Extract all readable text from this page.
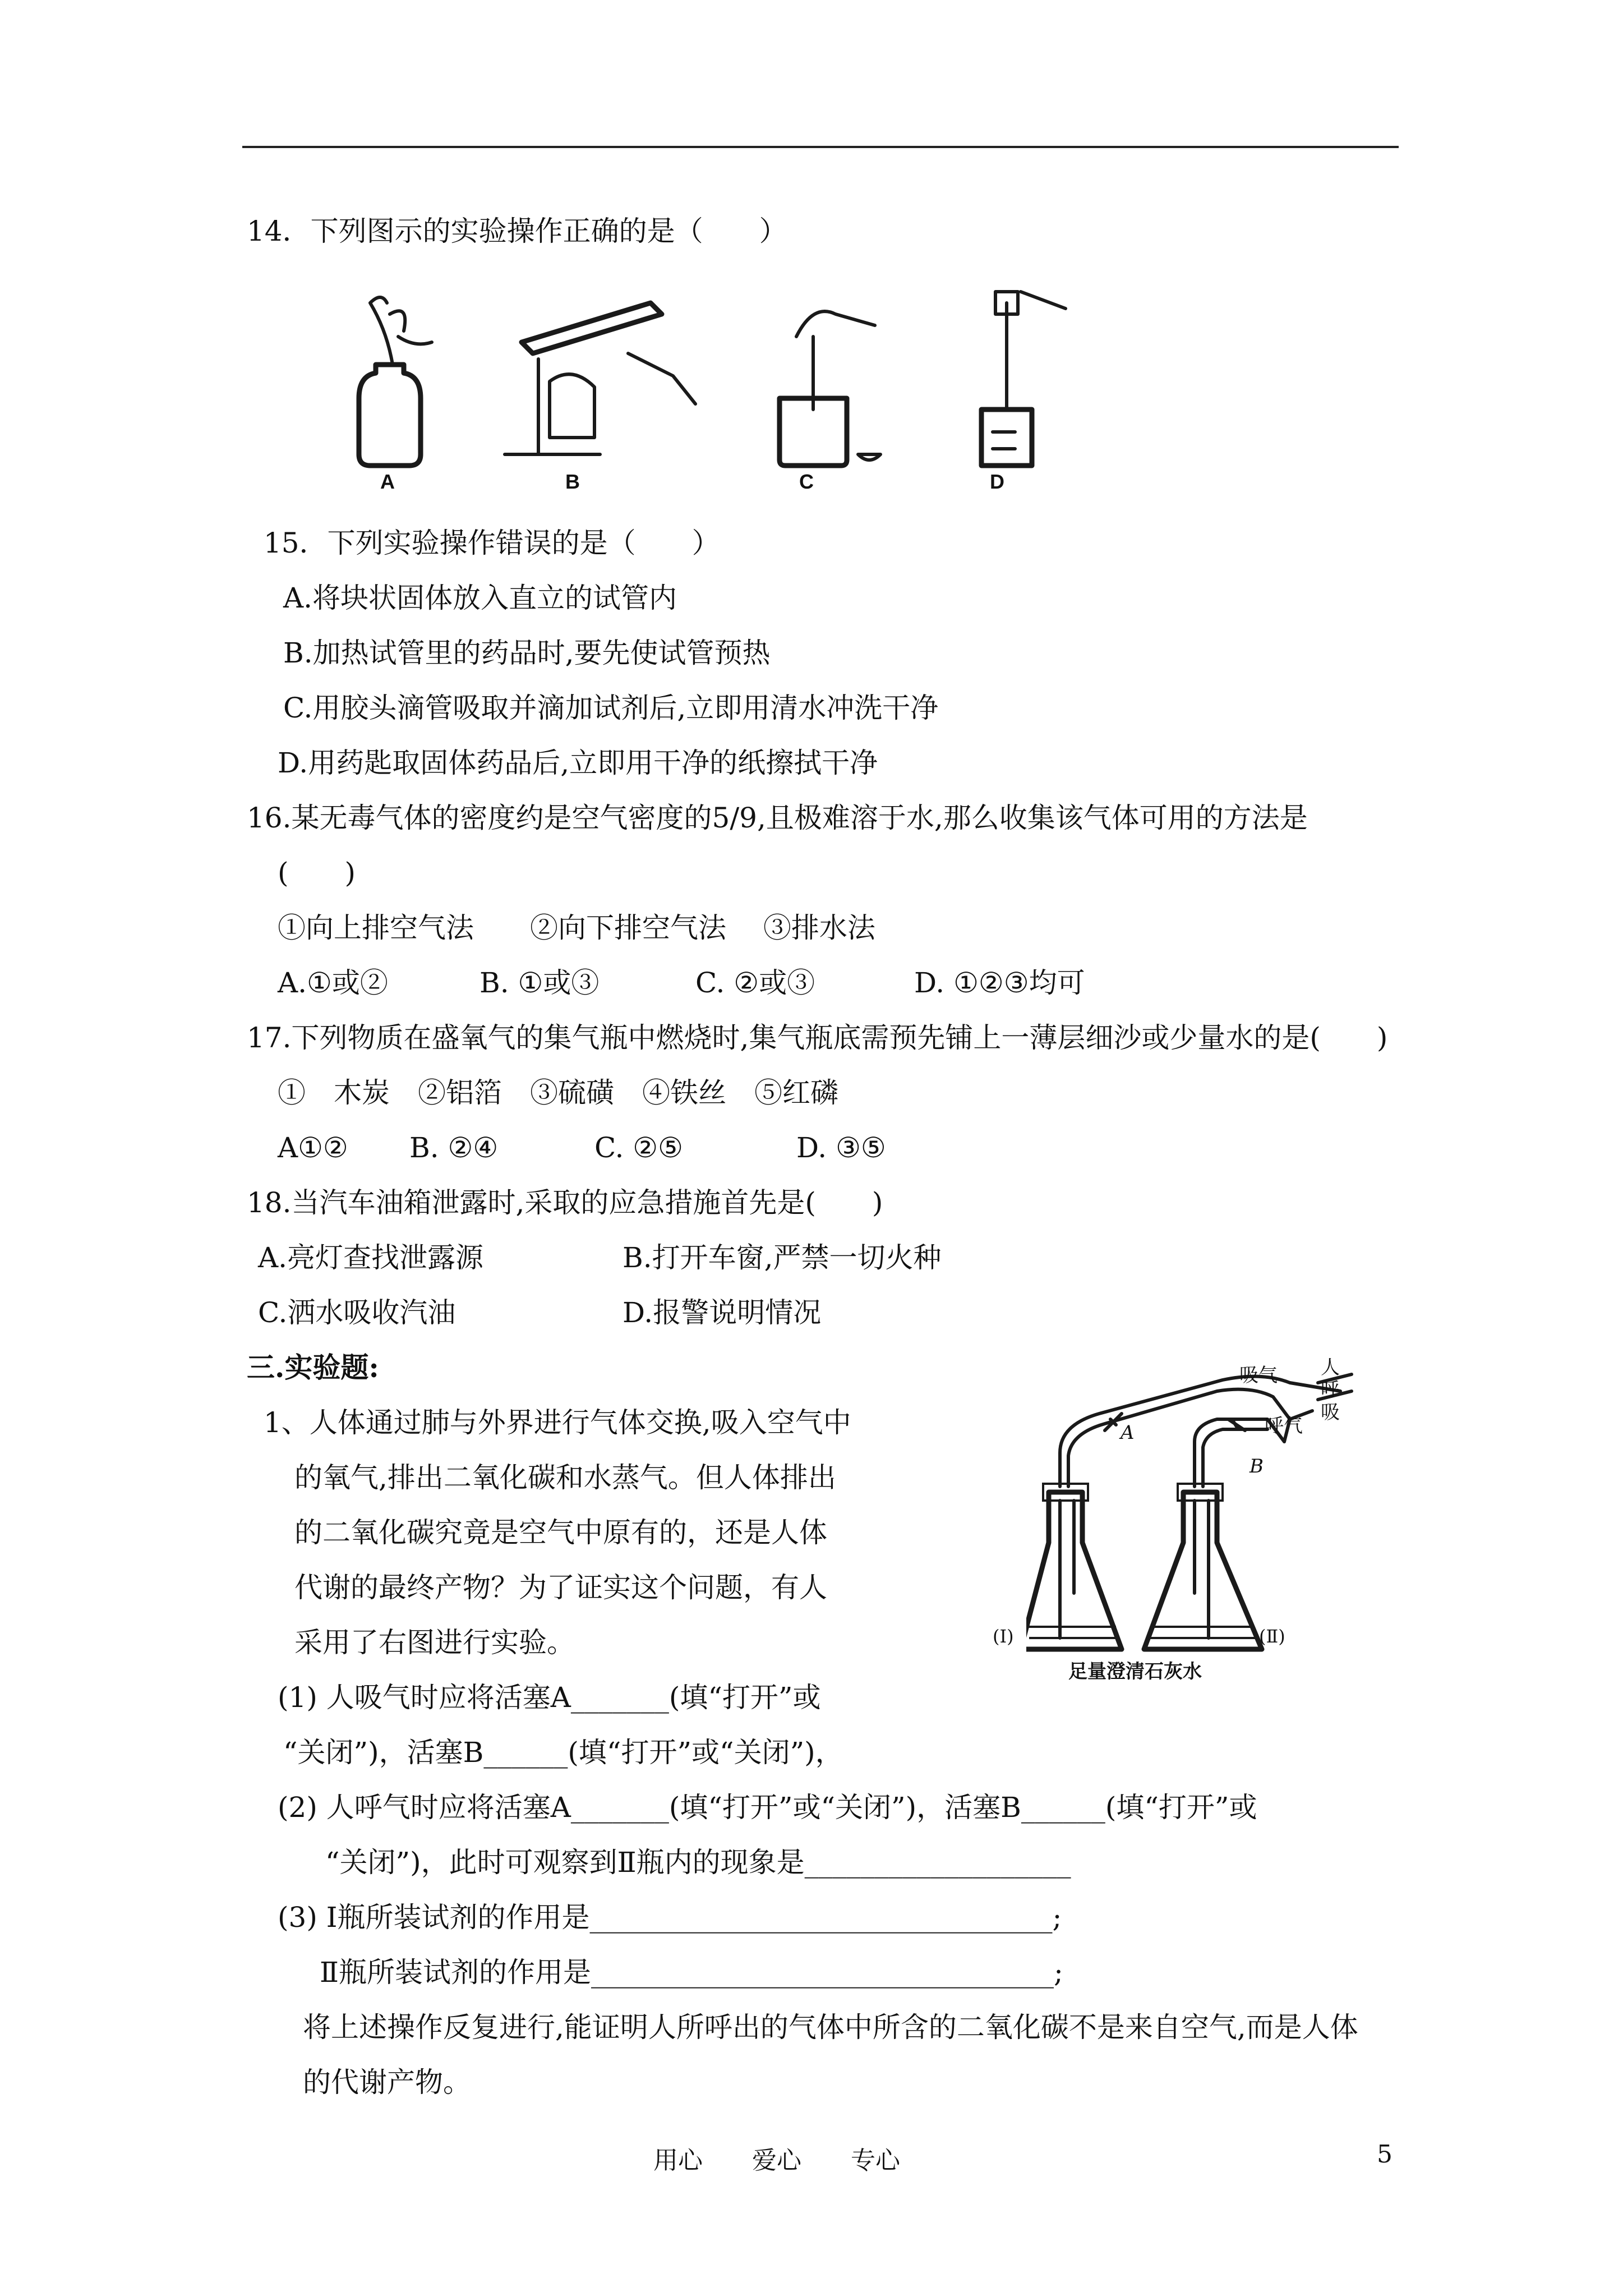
14．下列图示的实验操作正确的是（　　）
A	B	C	D
15．下列实验操作错误的是（　　）
A.将块状固体放入直立的试管内
B.加热试管里的药品时,要先使试管预热
C.用胶头滴管吸取并滴加试剂后,立即用清水冲洗干净
D.用药匙取固体药品后,立即用干净的纸擦拭干净
16.某无毒气体的密度约是空气密度的5/9,且极难溶于水,那么收集该气体可用的方法是
(　　)
①向上排空气法　　②向下排空气法　 ③排水法
A.①或②	B. ①或③	C. ②或③	D. ①②③均可
17.下列物质在盛氧气的集气瓶中燃烧时,集气瓶底需预先铺上一薄层细沙或少量水的是(　　)
①　木炭　②铝箔　③硫磺　④铁丝　⑤红磷
A①② B. ②④	C. ②⑤	D. ③⑤
18.当汽车油箱泄露时,采取的应急措施首先是(　　)
A.亮灯查找泄露源	B.打开车窗,严禁一切火种
C.洒水吸收汽油	D.报警说明情况
三.实验题:
1、人体通过肺与外界进行气体交换,吸入空气中
的氧气,排出二氧化碳和水蒸气。但人体排出
的二氧化碳究竟是空气中原有的，还是人体
代谢的最终产物？为了证实这个问题，有人
采用了右图进行实验。
吸气
呼气
人
呼
吸
A
B
(Ⅰ)	(Ⅱ)
足量澄清石灰水
(1) 人吸气时应将活塞A_______(填“打开”或
“关闭”)，活塞B______(填“打开”或“关闭”)，
(2) 人呼气时应将活塞A_______(填“打开”或“关闭”)，活塞B______(填“打开”或
“关闭”)，此时可观察到Ⅱ瓶内的现象是___________________
(3) Ⅰ瓶所装试剂的作用是_________________________________;
Ⅱ瓶所装试剂的作用是_________________________________;
将上述操作反复进行,能证明人所呼出的气体中所含的二氧化碳不是来自空气,而是人体
的代谢产物。
用心　　爱心　　专心	5
